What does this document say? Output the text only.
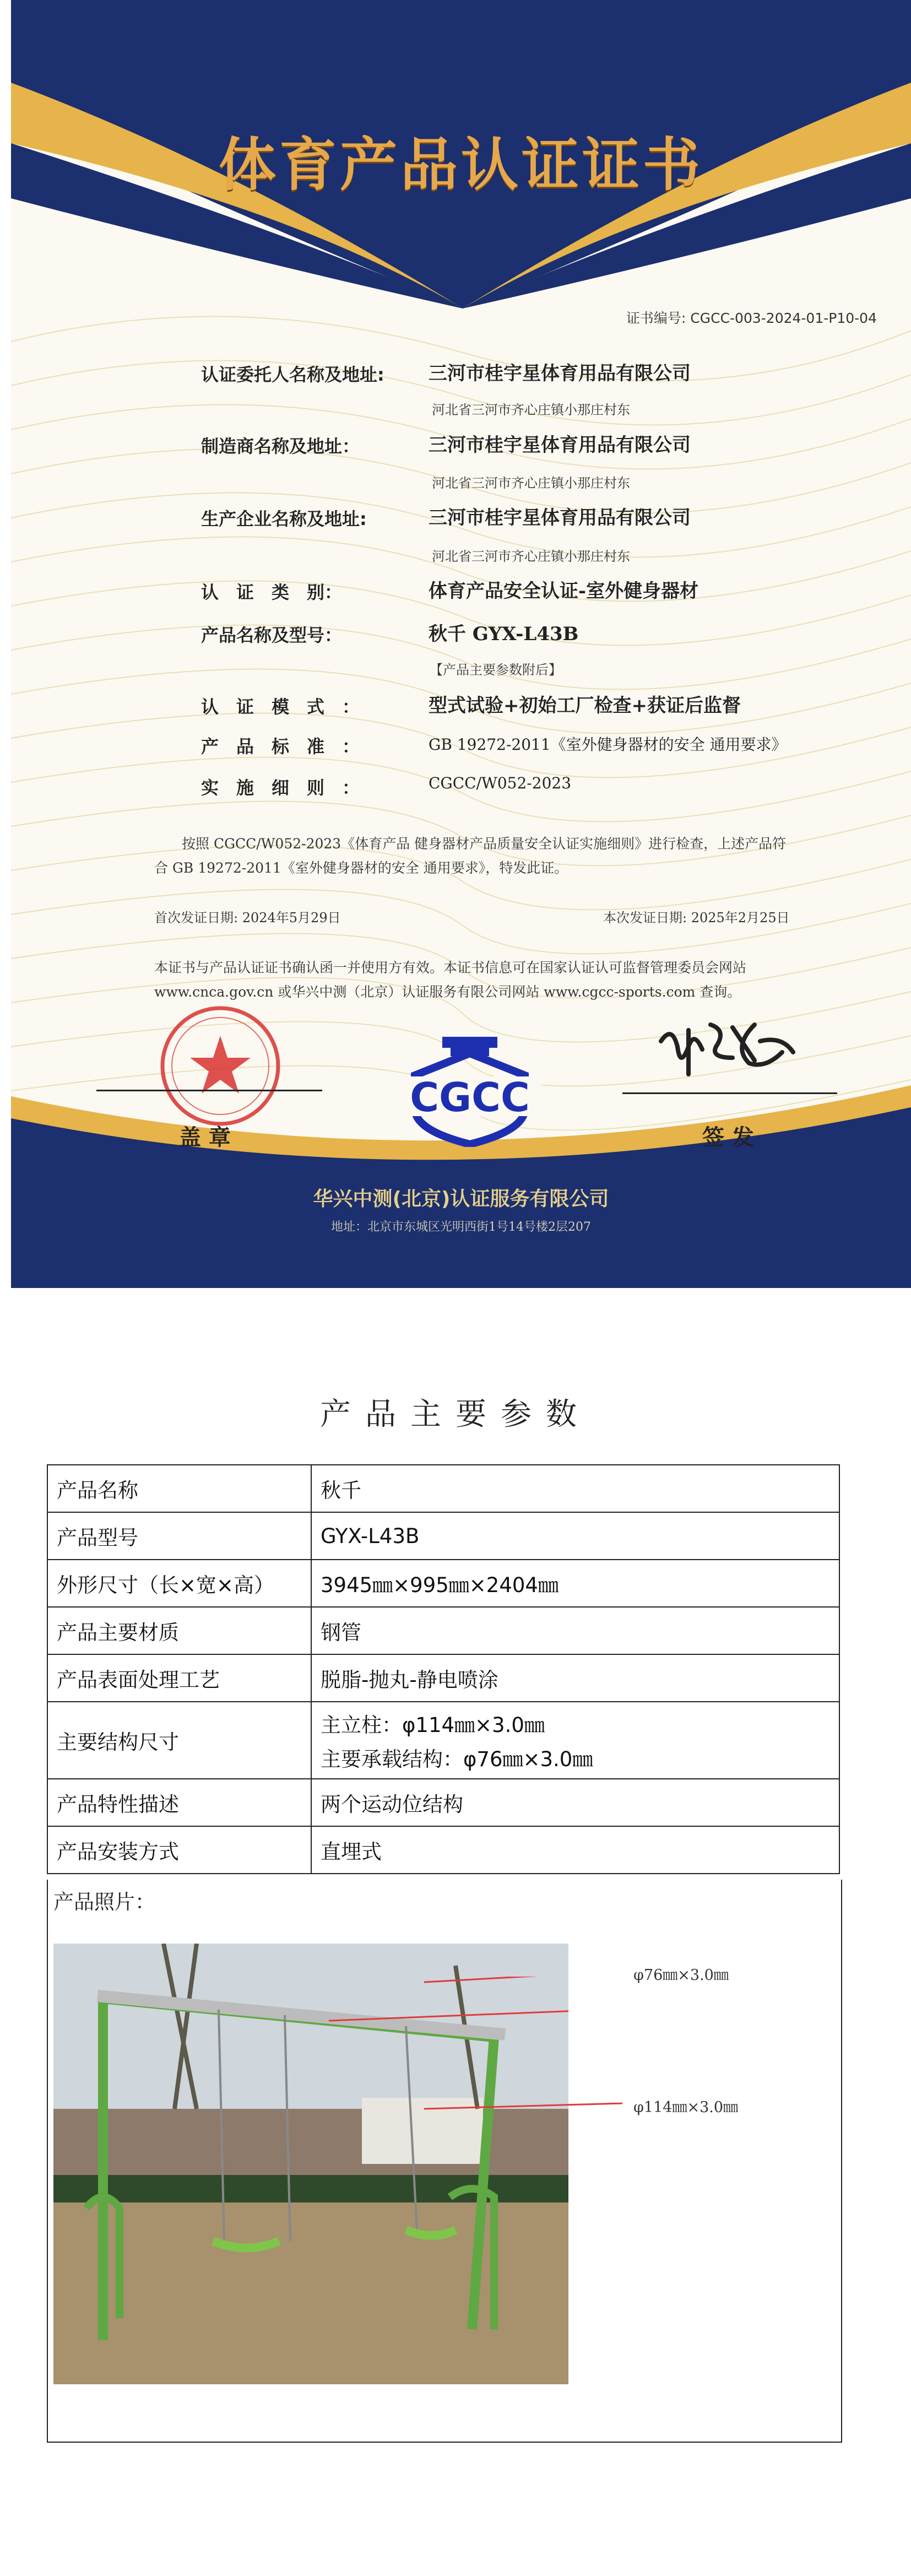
体育产品认证证书
证书编号: CGCC-003-2024-01-P10-04
认证委托人名称及地址: 三河市桂宇星体育用品有限公司
河北省三河市齐心庄镇小那庄村东
制造商名称及地址：	三河市桂宇星体育用品有限公司
河北省三河市齐心庄镇小那庄村东
生产企业名称及地址:	三河市桂宇星体育用品有限公司
河北省三河市齐心庄镇小那庄村东
认　证　类　别：	体育产品安全认证-室外健身器材
产品名称及型号：	秋千 GYX-L43B
【产品主要参数附后】
认　证　模　式　：	型式试验+初始工厂检查+获证后监督
产　品　标　准　：	GB 19272-2011《室外健身器材的安全 通用要求》
实　施　细　则　：	CGCC/W052-2023
按照 CGCC/W052-2023《体育产品 健身器材产品质量安全认证实施细则》进行检查，上述产品符合 GB 19272-2011《室外健身器材的安全 通用要求》，特发此证。
首次发证日期: 2024年5月29日	本次发证日期: 2025年2月25日
本证书与产品认证证书确认函一并使用方有效。本证书信息可在国家认证认可监督管理委员会网站 www.cnca.gov.cn 或华兴中测（北京）认证服务有限公司网站 www.cgcc-sports.com 查询。
盖 章
CGCC
签 发
华兴中测(北京)认证服务有限公司
地址：北京市东城区光明西街1号14号楼2层207
产品主要参数
产品名称	秋千
产品型号	GYX-L43B
外形尺寸（长×宽×高）	3945㎜×995㎜×2404㎜
产品主要材质	钢管
产品表面处理工艺	脱脂-抛丸-静电喷涂
主要结构尺寸	主立柱：φ114㎜×3.0㎜
主要承载结构：φ76㎜×3.0㎜

产品特性描述	两个运动位结构
产品安装方式	直埋式
产品照片：
φ76㎜×3.0㎜
φ114㎜×3.0㎜
